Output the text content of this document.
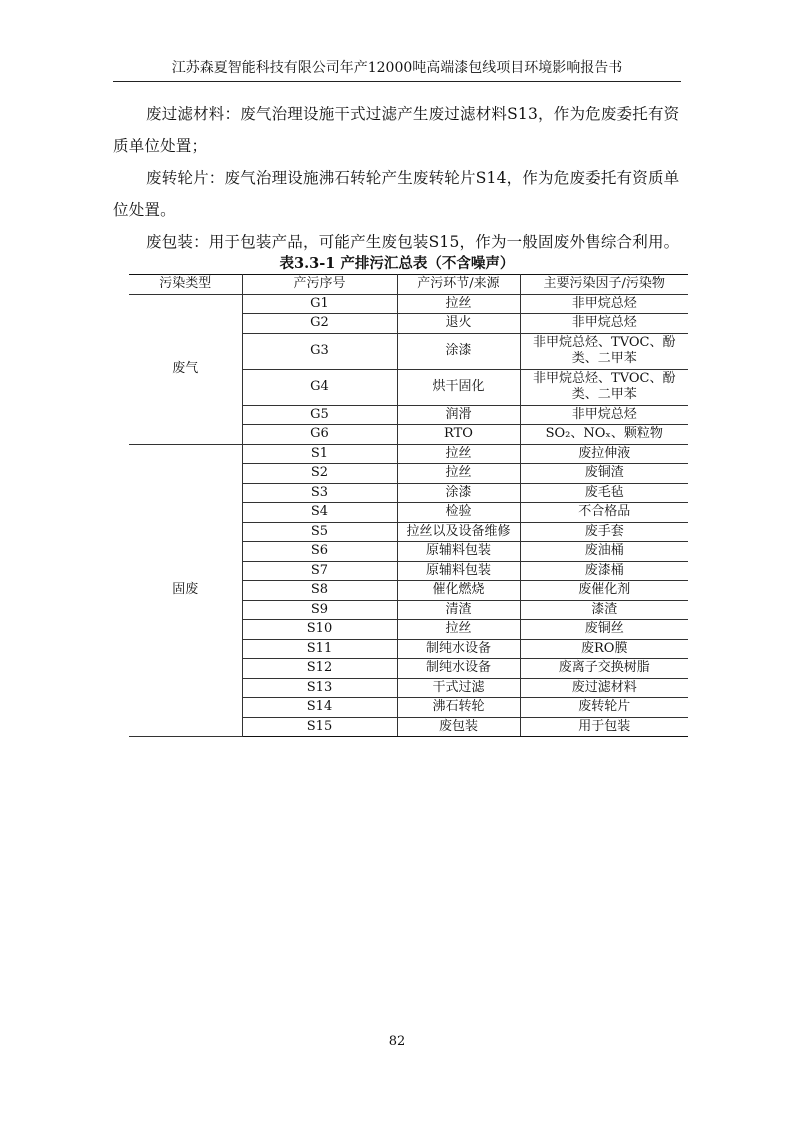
江苏森夏智能科技有限公司年产12000吨高端漆包线项目环境影响报告书

废过滤材料：废气治理设施干式过滤产生废过滤材料S13，作为危废委托有资质单位处置；

废转轮片：废气治理设施沸石转轮产生废转轮片S14，作为危废委托有资质单位处置。

废包装：用于包装产品，可能产生废包装S15，作为一般固废外售综合利用。

表3.3-1 产排污汇总表（不含噪声）
污染类型	产污序号	产污环节/来源	主要污染因子/污染物
废气	G1	拉丝	非甲烷总烃
	G2	退火	非甲烷总烃
	G3	涂漆	非甲烷总烃、TVOC、酚类、二甲苯
	G4	烘干固化	非甲烷总烃、TVOC、酚类、二甲苯
	G5	润滑	非甲烷总烃
	G6	RTO	SO₂、NOₓ、颗粒物
固废	S1	拉丝	废拉伸液
	S2	拉丝	废铜渣
	S3	涂漆	废毛毡
	S4	检验	不合格品
	S5	拉丝以及设备维修	废手套
	S6	原辅料包装	废油桶
	S7	原辅料包装	废漆桶
	S8	催化燃烧	废催化剂
	S9	清渣	漆渣
	S10	拉丝	废铜丝
	S11	制纯水设备	废RO膜
	S12	制纯水设备	废离子交换树脂
	S13	干式过滤	废过滤材料
	S14	沸石转轮	废转轮片
	S15	废包装	用于包装
82
